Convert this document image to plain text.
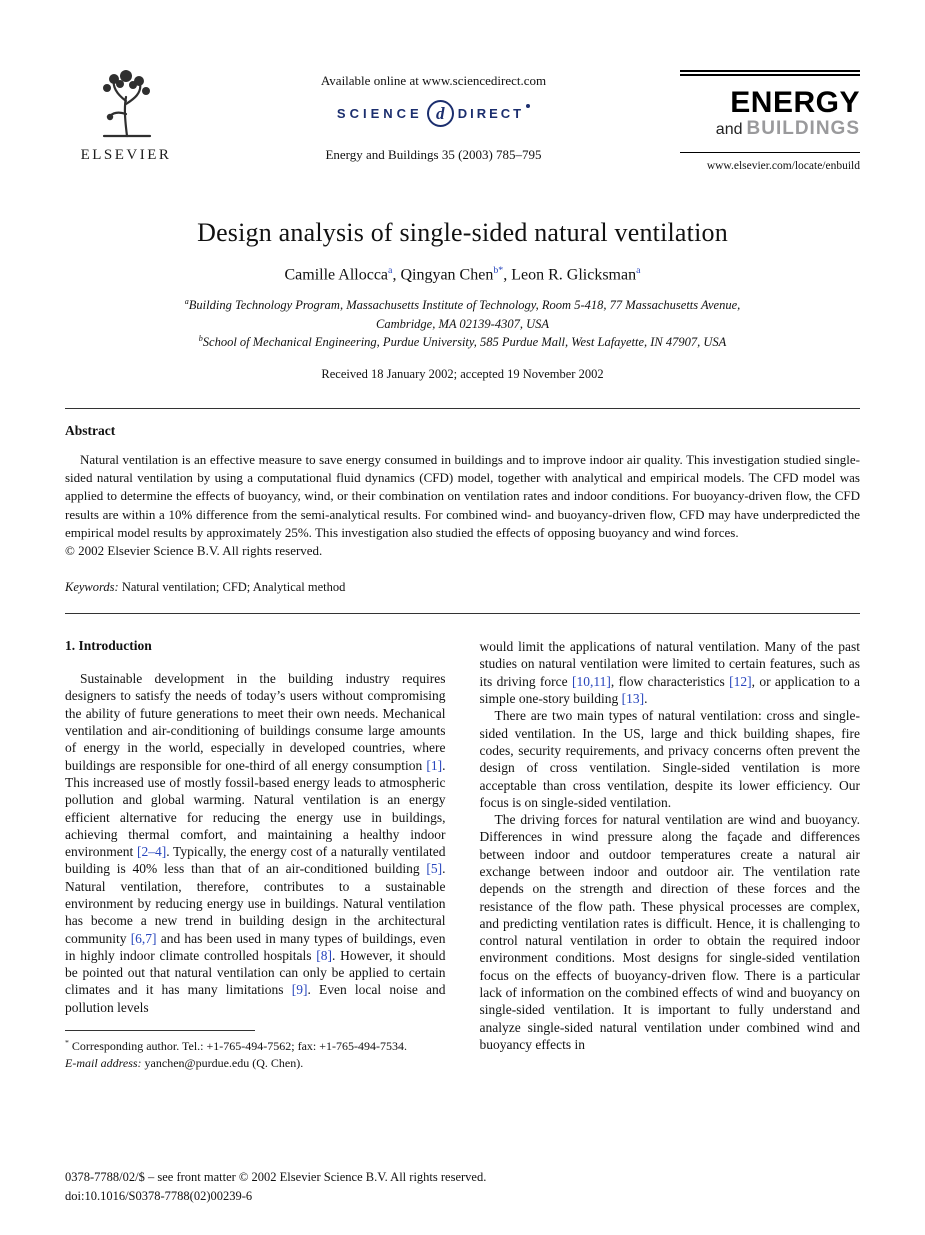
ELSEVIER
Available online at www.sciencedirect.com
SCIENCE d DIRECT
Energy and Buildings 35 (2003) 785–795
ENERGY
and BUILDINGS
www.elsevier.com/locate/enbuild
Design analysis of single-sided natural ventilation
Camille Allocca$^a$, Qingyan Chen$^{b*}$, Leon R. Glicksman$^a$
$^a$Building Technology Program, Massachusetts Institute of Technology, Room 5-418, 77 Massachusetts Avenue, Cambridge, MA 02139-4307, USA
$^b$School of Mechanical Engineering, Purdue University, 585 Purdue Mall, West Lafayette, IN 47907, USA
Received 18 January 2002; accepted 19 November 2002
Abstract

Natural ventilation is an effective measure to save energy consumed in buildings and to improve indoor air quality. This investigation studied single-sided natural ventilation by using a computational fluid dynamics (CFD) model, together with analytical and empirical models. The CFD model was applied to determine the effects of buoyancy, wind, or their combination on ventilation rates and indoor conditions. For buoyancy-driven flow, the CFD results are within a 10% difference from the semi-analytical results. For combined wind- and buoyancy-driven flow, CFD may have underpredicted the empirical model results by approximately 25%. This investigation also studied the effects of opposing buoyancy and wind forces.

© 2002 Elsevier Science B.V. All rights reserved.

Keywords: Natural ventilation; CFD; Analytical method
1. Introduction

Sustainable development in the building industry requires designers to satisfy the needs of today’s users without compromising the ability of future generations to meet their own needs. Mechanical ventilation and air-conditioning of buildings consume large amounts of energy in the world, especially in developed countries, where buildings are responsible for one-third of all energy consumption [1]. This increased use of mostly fossil-based energy leads to atmospheric pollution and global warming. Natural ventilation is an energy efficient alternative for reducing the energy use in buildings, achieving thermal comfort, and maintaining a healthy indoor environment [2–4]. Typically, the energy cost of a naturally ventilated building is 40% less than that of an air-conditioned building [5]. Natural ventilation, therefore, contributes to a sustainable environment by reducing energy use in buildings. Natural ventilation has become a new trend in building design in the architectural community [6,7] and has been used in many types of buildings, even in highly indoor climate controlled hospitals [8]. However, it should be pointed out that natural ventilation can only be applied to certain climates and it has many limitations [9]. Even local noise and pollution levels

* Corresponding author. Tel.: +1-765-494-7562; fax: +1-765-494-7534.
E-mail address: yanchen@purdue.edu (Q. Chen).

would limit the applications of natural ventilation. Many of the past studies on natural ventilation were limited to certain features, such as its driving force [10,11], flow characteristics [12], or application to a simple one-story building [13].

There are two main types of natural ventilation: cross and single-sided ventilation. In the US, large and thick building shapes, fire codes, security requirements, and privacy concerns often prevent the design of cross ventilation. Single-sided ventilation is more acceptable than cross ventilation, despite its lower efficiency. Our focus is on single-sided ventilation.

The driving forces for natural ventilation are wind and buoyancy. Differences in wind pressure along the façade and differences between indoor and outdoor temperatures create a natural air exchange between indoor and outdoor air. The ventilation rate depends on the strength and direction of these forces and the resistance of the flow path. These physical processes are complex, and predicting ventilation rates is difficult. Hence, it is challenging to control natural ventilation in order to obtain the required indoor environment conditions. Most designs for single-sided ventilation focus on the effects of buoyancy-driven flow. There is a particular lack of information on the combined effects of wind and buoyancy on single-sided ventilation. It is important to fully understand and analyze single-sided natural ventilation under combined wind and buoyancy effects in

0378-7788/02/$ – see front matter © 2002 Elsevier Science B.V. All rights reserved.
doi:10.1016/S0378-7788(02)00239-6
